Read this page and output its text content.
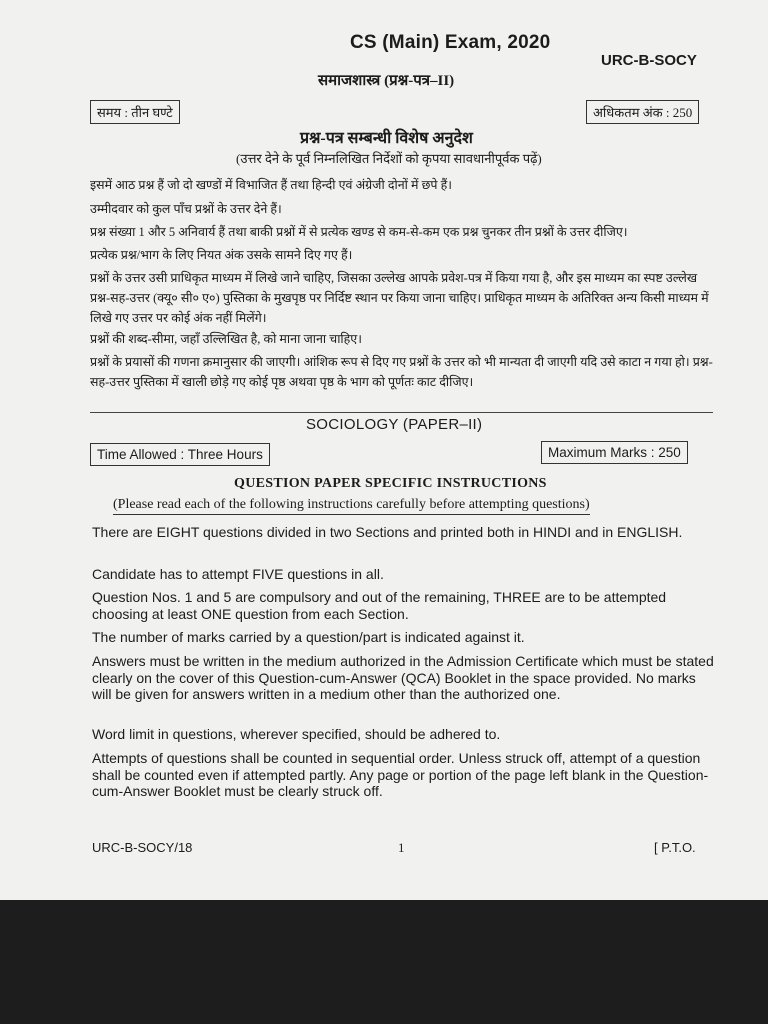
CS (Main) Exam, 2020
URC-B-SOCY
समाजशास्त्र (प्रश्न-पत्र–II)
समय : तीन घण्टे	अधिकतम अंक : 250
प्रश्न-पत्र सम्बन्धी विशेष अनुदेश
(उत्तर देने के पूर्व निम्नलिखित निर्देशों को कृपया सावधानीपूर्वक पढ़ें)
इसमें आठ प्रश्न हैं जो दो खण्डों में विभाजित हैं तथा हिन्दी एवं अंग्रेजी दोनों में छपे हैं।
उम्मीदवार को कुल पाँच प्रश्नों के उत्तर देने हैं।
प्रश्न संख्या 1 और 5 अनिवार्य हैं तथा बाकी प्रश्नों में से प्रत्येक खण्ड से कम-से-कम एक प्रश्न चुनकर तीन प्रश्नों के उत्तर दीजिए।
प्रत्येक प्रश्न/भाग के लिए नियत अंक उसके सामने दिए गए हैं।
प्रश्नों के उत्तर उसी प्राधिकृत माध्यम में लिखे जाने चाहिए, जिसका उल्लेख आपके प्रवेश-पत्र में किया गया है, और इस माध्यम का स्पष्ट उल्लेख प्रश्न-सह-उत्तर (क्यू० सी० ए०) पुस्तिका के मुखपृष्ठ पर निर्दिष्ट स्थान पर किया जाना चाहिए। प्राधिकृत माध्यम के अतिरिक्त अन्य किसी माध्यम में लिखे गए उत्तर पर कोई अंक नहीं मिलेंगे।
प्रश्नों की शब्द-सीमा, जहाँ उल्लिखित है, को माना जाना चाहिए।
प्रश्नों के प्रयासों की गणना क्रमानुसार की जाएगी। आंशिक रूप से दिए गए प्रश्नों के उत्तर को भी मान्यता दी जाएगी यदि उसे काटा न गया हो। प्रश्न-सह-उत्तर पुस्तिका में खाली छोड़े गए कोई पृष्ठ अथवा पृष्ठ के भाग को पूर्णतः काट दीजिए।
SOCIOLOGY (PAPER–II)
Time Allowed : Three Hours	Maximum Marks : 250
QUESTION PAPER SPECIFIC INSTRUCTIONS
(Please read each of the following instructions carefully before attempting questions)
There are EIGHT questions divided in two Sections and printed both in HINDI and in ENGLISH.
Candidate has to attempt FIVE questions in all.
Question Nos. 1 and 5 are compulsory and out of the remaining, THREE are to be attempted choosing at least ONE question from each Section.
The number of marks carried by a question/part is indicated against it.
Answers must be written in the medium authorized in the Admission Certificate which must be stated clearly on the cover of this Question-cum-Answer (QCA) Booklet in the space provided. No marks will be given for answers written in a medium other than the authorized one.
Word limit in questions, wherever specified, should be adhered to.
Attempts of questions shall be counted in sequential order. Unless struck off, attempt of a question shall be counted even if attempted partly. Any page or portion of the page left blank in the Question-cum-Answer Booklet must be clearly struck off.
URC-B-SOCY/18	1	[ P.T.O.
